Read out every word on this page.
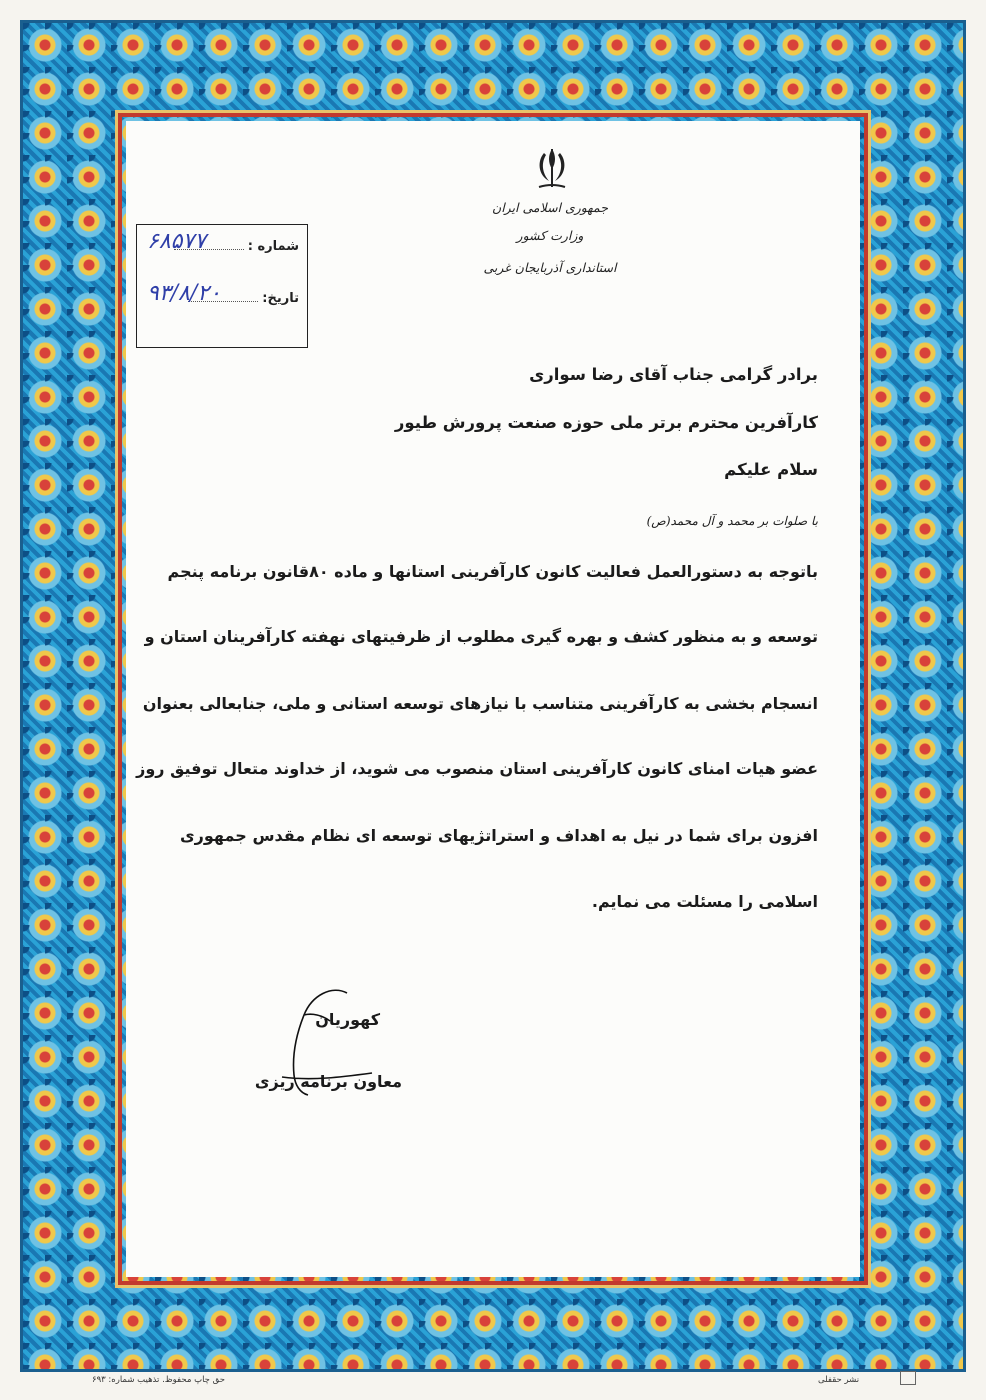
جمهوری اسلامی ایران
وزارت کشور
استانداری آذربایجان غربی
شماره :
۶۸۵۷۷
تاریخ:
۹۳/۸/۲۰
برادر گرامی جناب آقای رضا سواری
کارآفرین محترم برتر ملی حوزه صنعت پرورش طیور
سلام علیکم
با صلوات بر محمد و آل محمد(ص)
باتوجه به دستورالعمل فعالیت کانون کارآفرینی استانها و ماده ۸۰قانون برنامه پنجم
توسعه و به منظور کشف و بهره گیری مطلوب از ظرفیتهای نهفته کارآفرینان استان و
انسجام بخشی به کارآفرینی متناسب با نیازهای توسعه استانی و ملی، جنابعالی بعنوان
عضو هیات امنای کانون کارآفرینی استان منصوب می شوید، از خداوند متعال توفیق روز
افزون برای شما در نیل به اهداف و استراتژیهای توسعه ای نظام مقدس جمهوری
اسلامی را مسئلت می نمایم.
کهوریان
معاون برنامه ریزی
حق چاپ محفوظ. تذهیب شماره: ۶۹۳	نشر حقفلی
